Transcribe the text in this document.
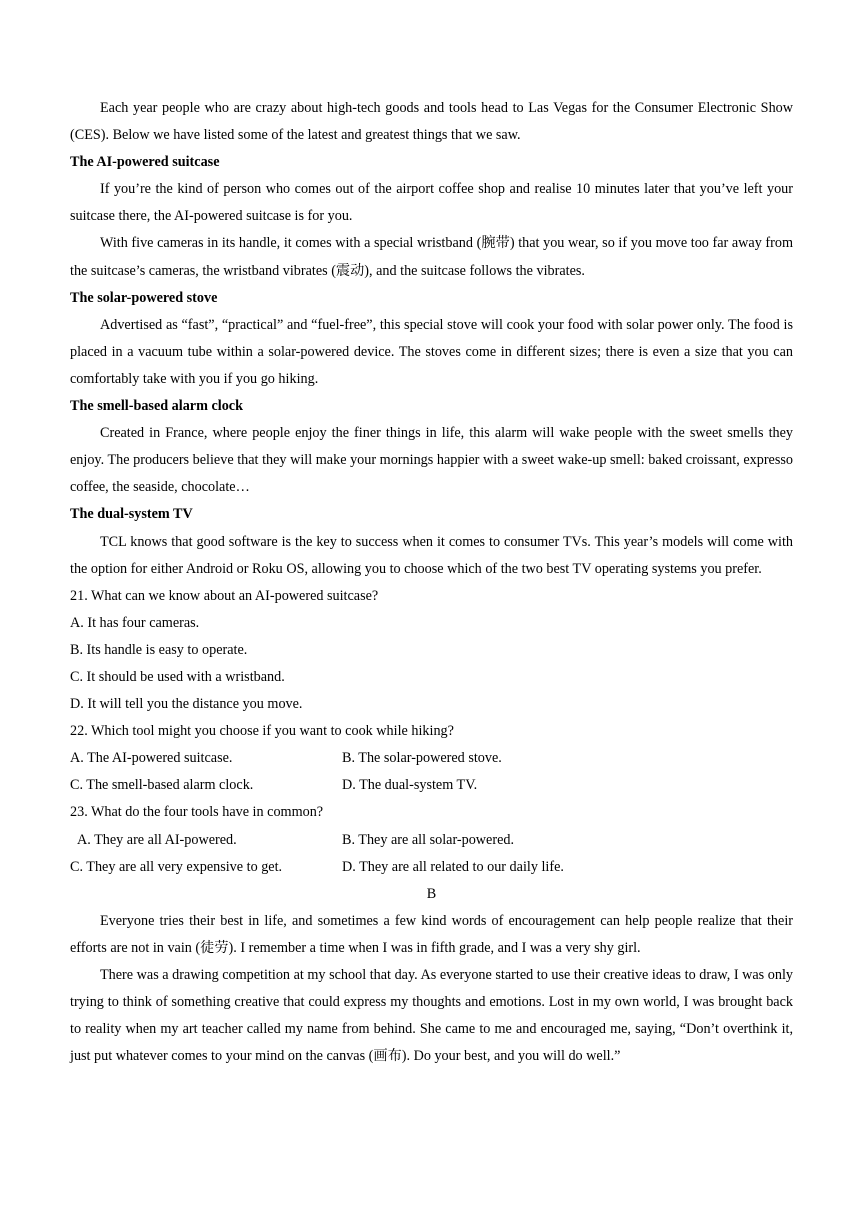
Each year people who are crazy about high-tech goods and tools head to Las Vegas for the Consumer Electronic Show (CES). Below we have listed some of the latest and greatest things that we saw.

The AI-powered suitcase

If you’re the kind of person who comes out of the airport coffee shop and realise 10 minutes later that you’ve left your suitcase there, the AI-powered suitcase is for you.

With five cameras in its handle, it comes with a special wristband (腕带) that you wear, so if you move too far away from the suitcase’s cameras, the wristband vibrates (震动), and the suitcase follows the vibrates.

The solar-powered stove

Advertised as “fast”, “practical” and “fuel-free”, this special stove will cook your food with solar power only. The food is placed in a vacuum tube within a solar-powered device. The stoves come in different sizes; there is even a size that you can comfortably take with you if you go hiking.

The smell-based alarm clock

Created in France, where people enjoy the finer things in life, this alarm will wake people with the sweet smells they enjoy. The producers believe that they will make your mornings happier with a sweet wake-up smell: baked croissant, expresso coffee, the seaside, chocolate…

The dual-system TV

TCL knows that good software is the key to success when it comes to consumer TVs. This year’s models will come with the option for either Android or Roku OS, allowing you to choose which of the two best TV operating systems you prefer.

21. What can we know about an AI-powered suitcase?

A. It has four cameras.

B. Its handle is easy to operate.

C. It should be used with a wristband.

D. It will tell you the distance you move.

22. Which tool might you choose if you want to cook while hiking?

A. The AI-powered suitcase.	B. The solar-powered stove.
C. The smell-based alarm clock.	D. The dual-system TV.

23. What do the four tools have in common?

A. They are all AI-powered.	B. They are all solar-powered.
C. They are all very expensive to get.	D. They are all related to our daily life.

B

Everyone tries their best in life, and sometimes a few kind words of encouragement can help people realize that their efforts are not in vain (徒劳). I remember a time when I was in fifth grade, and I was a very shy girl.

There was a drawing competition at my school that day. As everyone started to use their creative ideas to draw, I was only trying to think of something creative that could express my thoughts and emotions. Lost in my own world, I was brought back to reality when my art teacher called my name from behind. She came to me and encouraged me, saying, “Don’t overthink it, just put whatever comes to your mind on the canvas (画布). Do your best, and you will do well.”
